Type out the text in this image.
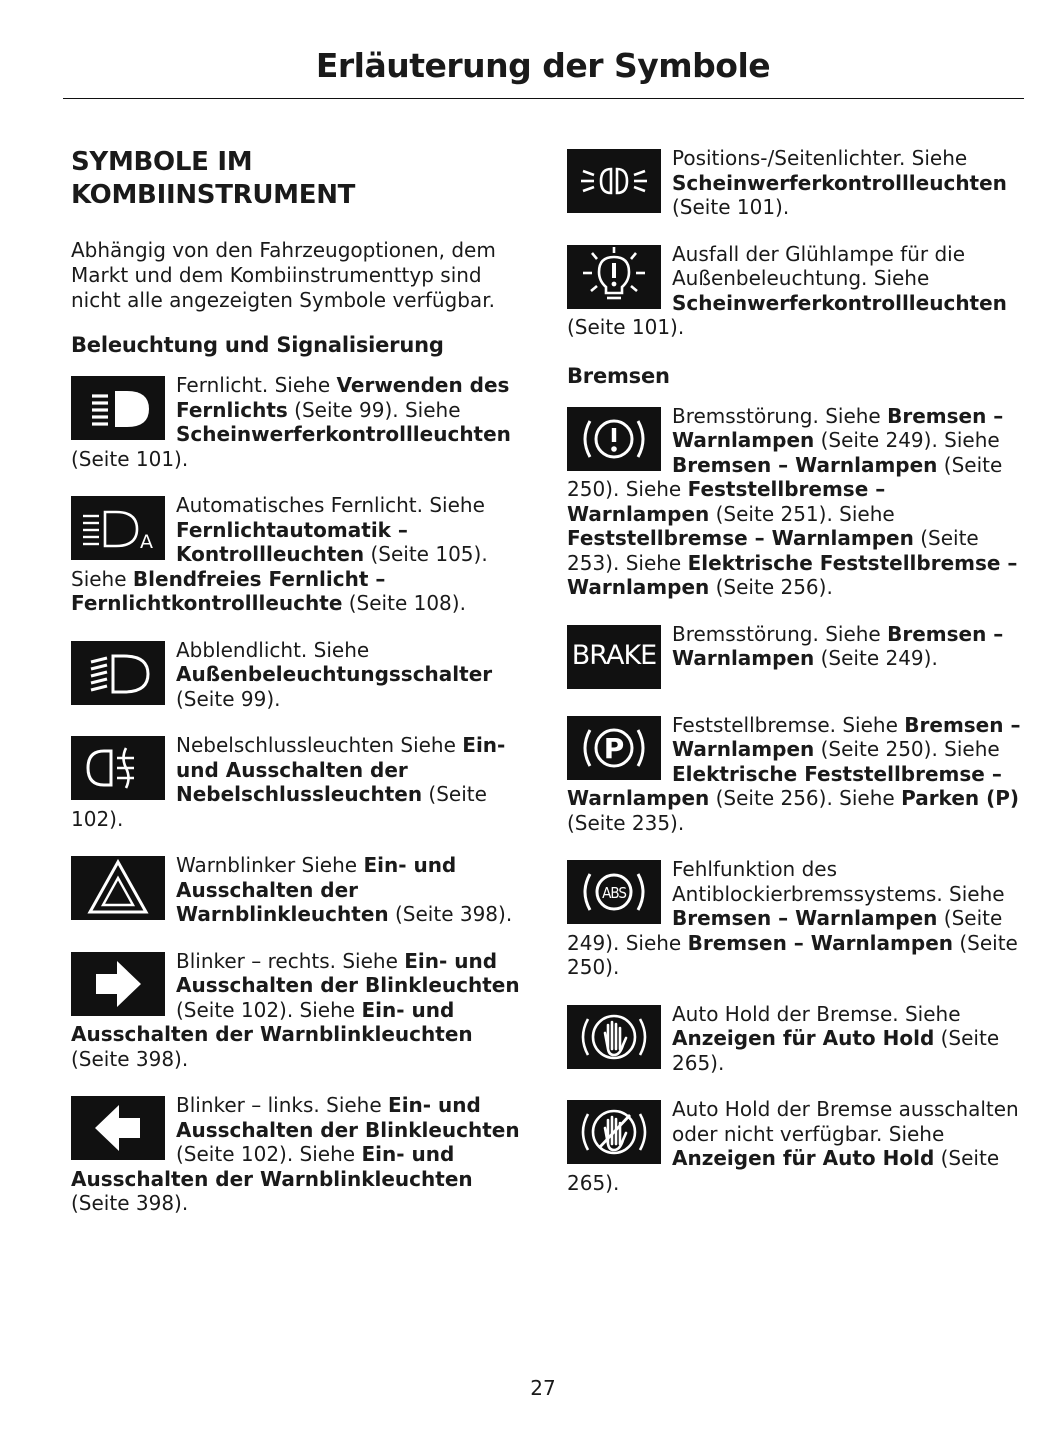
Erläuterung der Symbole
SYMBOLE IM
KOMBIINSTRUMENT

Abhängig von den Fahrzeugoptionen, dem Markt und dem Kombiinstrumenttyp sind nicht alle angezeigten Symbole verfügbar.

Beleuchtung und Signalisierung
Fernlicht. Siehe Verwenden des Fernlichts (Seite 99). Siehe Scheinwerferkontrollleuchten (Seite 101).
A
Automatisches Fernlicht. Siehe Fernlichtautomatik – Kontrollleuchten (Seite 105). Siehe Blendfreies Fernlicht – Fernlichtkontrollleuchte (Seite 108).
Abblendlicht. Siehe Außenbeleuchtungsschalter (Seite 99).
Nebelschlussleuchten Siehe Ein- und Ausschalten der Nebelschlussleuchten (Seite 102).
Warnblinker Siehe Ein- und Ausschalten der Warnblinkleuchten (Seite 398).
Blinker – rechts. Siehe Ein- und Ausschalten der Blinkleuchten (Seite 102). Siehe Ein- und Ausschalten der Warnblinkleuchten (Seite 398).
Blinker – links. Siehe Ein- und Ausschalten der Blinkleuchten (Seite 102). Siehe Ein- und Ausschalten der Warnblinkleuchten (Seite 398).
Positions-/Seitenlichter. Siehe Scheinwerferkontrollleuchten (Seite 101).
Ausfall der Glühlampe für die Außenbeleuchtung. Siehe Scheinwerferkontrollleuchten (Seite 101).
Bremsen
Bremsstörung. Siehe Bremsen – Warnlampen (Seite 249). Siehe Bremsen – Warnlampen (Seite 250). Siehe Feststellbremse – Warnlampen (Seite 251). Siehe Feststellbremse – Warnlampen (Seite 253). Siehe Elektrische Feststellbremse – Warnlampen (Seite 256).
BRAKE
Bremsstörung. Siehe Bremsen – Warnlampen (Seite 249).
P
Feststellbremse. Siehe Bremsen – Warnlampen (Seite 250). Siehe Elektrische Feststellbremse – Warnlampen (Seite 256). Siehe Parken (P) (Seite 235).
ABS
Fehlfunktion des Antiblockierbremssystems. Siehe Bremsen – Warnlampen (Seite 249). Siehe Bremsen – Warnlampen (Seite 250).
Auto Hold der Bremse. Siehe Anzeigen für Auto Hold (Seite 265).
Auto Hold der Bremse ausschalten oder nicht verfügbar. Siehe Anzeigen für Auto Hold (Seite 265).
27
